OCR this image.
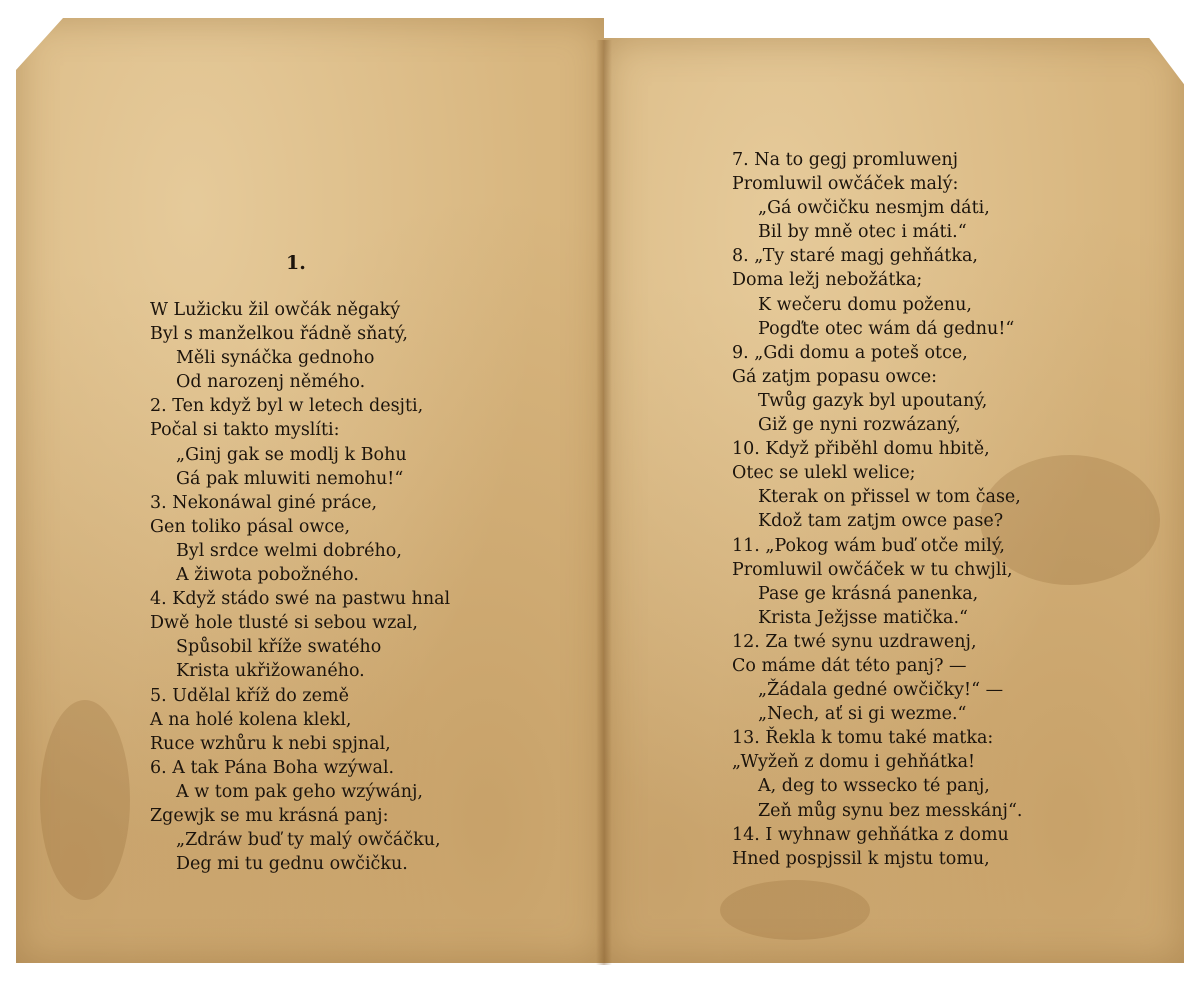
1.
W Lužicku žil owčák něgaký
Byl s manželkou řádně sňatý,
Měli synáčka gednoho
Od narozenj němého.
2. Ten když byl w letech desjti,
Počal si takto myslíti:
„Ginj gak se modlj k Bohu
Gá pak mluwiti nemohu!“
3. Nekonáwal giné práce,
Gen toliko pásal owce,
Byl srdce welmi dobrého,
A žiwota pobožného.
4. Když stádo swé na pastwu hnal
Dwě hole tlusté si sebou wzal,
Spůsobil kříže swatého
Krista ukřižowaného.
5. Udělal kříž do země
A na holé kolena klekl,
Ruce wzhůru k nebi spjnal,
6. A tak Pána Boha wzýwal.
A w tom pak geho wzýwánj,
Zgewjk se mu krásná panj:
„Zdráw buď ty malý owčáčku,
Deg mi tu gednu owčičku.
7. Na to gegj promluwenj
Promluwil owčáček malý:
„Gá owčičku nesmjm dáti,
Bil by mně otec i máti.“
8. „Ty staré magj gehňátka,
Doma ležj nebožátka;
K wečeru domu poženu,
Pogďte otec wám dá gednu!“
9. „Gdi domu a poteš otce,
Gá zatjm popasu owce:
Twůg gazyk byl upoutaný,
Giž ge nyni rozwázaný,
10. Když přiběhl domu hbitě,
Otec se ulekl welice;
Kterak on přissel w tom čase,
Kdož tam zatjm owce pase?
11. „Pokog wám buď otče milý,
Promluwil owčáček w tu chwjli,
Pase ge krásná panenka,
Krista Ježjsse matička.“
12. Za twé synu uzdrawenj,
Co máme dát této panj? —
„Žádala gedné owčičky!“ —
„Nech, ať si gi wezme.“
13. Řekla k tomu také matka:
„Wyžeň z domu i gehňátka!
A, deg to wssecko té panj,
Zeň můg synu bez messkánj“.
14. I wyhnaw gehňátka z domu
Hned pospjssil k mjstu tomu,
